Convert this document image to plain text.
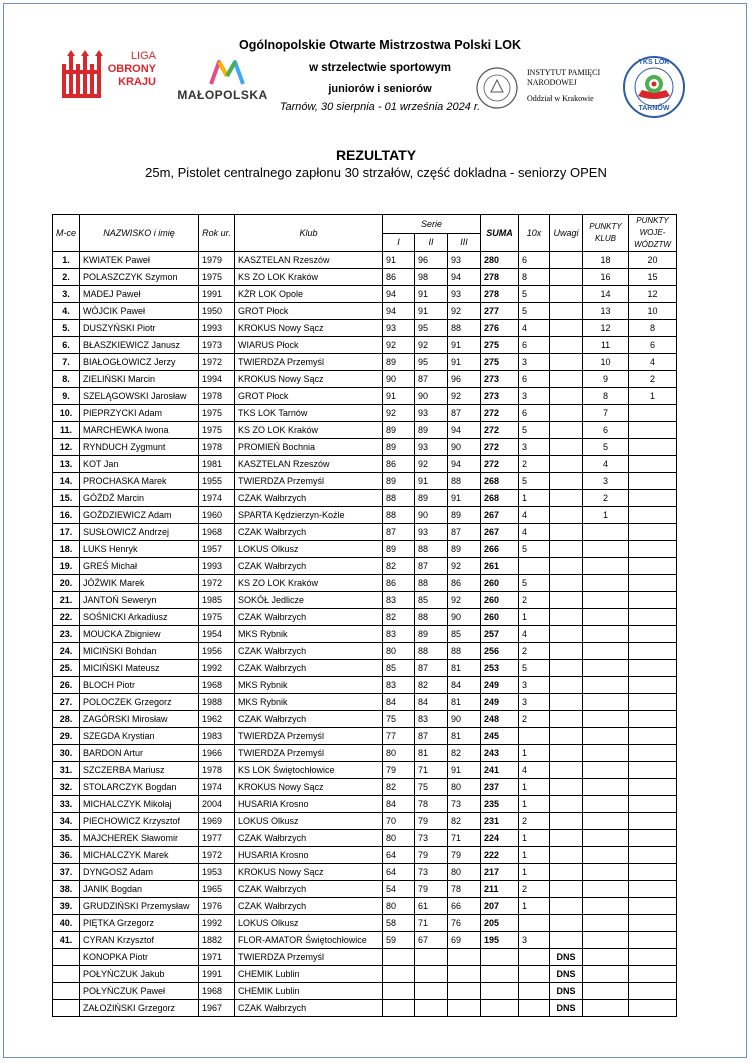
LIGA
OBRONY
KRAJU
MAŁOPOLSKA
Ogólnopolskie Otwarte Mistrzostwa Polski LOK
w strzelectwie sportowym
juniorów i seniorów
Tarnów, 30 sierpnia - 01 września 2024 r.
INSTYTUT PAMIĘCI
NARODOWEJ
Oddział w Krakowie
TKS LOK
TARNÓW
REZULTATY
25m, Pistolet centralnego zapłonu 30 strzałów, część dokladna - seniorzy OPEN
M-ce	NAZWISKO i imię	Rok ur.	Klub	Serie			SUMA	10x	Uwagi	PUNKTY KLUB	PUNKTY WOJE- WÓDZTW
				I	II	III					
1.	KWIATEK Paweł	1979	KASZTELAN Rzeszów	91	96	93	280	6		18	20
2.	POLASZCZYK Szymon	1975	KS ZO LOK Kraków	86	98	94	278	8		16	15
3.	MADEJ Paweł	1991	KŻR LOK Opole	94	91	93	278	5		14	12
4.	WÓJCIK Paweł	1950	GROT Płock	94	91	92	277	5		13	10
5.	DUSZYŃSKI Piotr	1993	KROKUS Nowy Sącz	93	95	88	276	4		12	8
6.	BŁASZKIEWICZ Janusz	1973	WIARUS Płock	92	92	91	275	6		11	6
7.	BIAŁOGŁOWICZ Jerzy	1972	TWIERDZA Przemyśl	89	95	91	275	3		10	4
8.	ZIELIŃSKI Marcin	1994	KROKUS Nowy Sącz	90	87	96	273	6		9	2
9.	SZELĄGOWSKI Jarosław	1978	GROT Płock	91	90	92	273	3		8	1
10.	PIEPRZYCKI Adam	1975	TKS LOK Tarnów	92	93	87	272	6		7	
11.	MARCHEWKA Iwona	1975	KS ZO LOK Kraków	89	89	94	272	5		6	
12.	RYNDUCH Zygmunt	1978	PROMIEŃ Bochnia	89	93	90	272	3		5	
13.	KOT Jan	1981	KASZTELAN Rzeszów	86	92	94	272	2		4	
14.	PROCHASKA Marek	1955	TWIERDZA Przemyśl	89	91	88	268	5		3	
15.	GÓŹDŹ Marcin	1974	CZAK Wałbrzych	88	89	91	268	1		2	
16.	GOŹDZIEWICZ Adam	1960	SPARTA Kędzierzyn-Koźle	88	90	89	267	4		1	
17.	SUSŁOWICZ Andrzej	1968	CZAK Wałbrzych	87	93	87	267	4			
18.	LUKS Henryk	1957	LOKUS Olkusz	89	88	89	266	5			
19.	GREŚ Michał	1993	CZAK Wałbrzych	82	87	92	261				
20.	JÓŹWIK Marek	1972	KS ZO LOK Kraków	86	88	86	260	5			
21.	JANTOŃ Seweryn	1985	SOKÓŁ Jedlicze	83	85	92	260	2			
22.	SOŚNICKI Arkadiusz	1975	CZAK Wałbrzych	82	88	90	260	1			
23.	MOUCKA Zbigniew	1954	MKS Rybnik	83	89	85	257	4			
24.	MICIŃSKI Bohdan	1956	CZAK Wałbrzych	80	88	88	256	2			
25.	MICIŃSKI Mateusz	1992	CZAK Wałbrzych	85	87	81	253	5			
26.	BLOCH Piotr	1968	MKS Rybnik	83	82	84	249	3			
27.	POLOCZEK Grzegorz	1988	MKS Rybnik	84	84	81	249	3			
28.	ZAGÓRSKI Mirosław	1962	CZAK Wałbrzych	75	83	90	248	2			
29.	SZEGDA Krystian	1983	TWIERDZA Przemyśl	77	87	81	245				
30.	BARDON Artur	1966	TWIERDZA Przemyśl	80	81	82	243	1			
31.	SZCZERBA Mariusz	1978	KS LOK Świętochłowice	79	71	91	241	4			
32.	STOLARCZYK Bogdan	1974	KROKUS Nowy Sącz	82	75	80	237	1			
33.	MICHALCZYK Mikołaj	2004	HUSARIA Krosno	84	78	73	235	1			
34.	PIECHOWICZ Krzysztof	1969	LOKUS Olkusz	70	79	82	231	2			
35.	MAJCHEREK Sławomir	1977	CZAK Wałbrzych	80	73	71	224	1			
36.	MICHALCZYK Marek	1972	HUSARIA Krosno	64	79	79	222	1			
37.	DYNGOSZ Adam	1953	KROKUS Nowy Sącz	64	73	80	217	1			
38.	JANIK Bogdan	1965	CZAK Wałbrzych	54	79	78	211	2			
39.	GRUDZIŃSKI Przemysław	1976	CZAK Wałbrzych	80	61	66	207	1			
40.	PIĘTKA Grzegorz	1992	LOKUS Olkusz	58	71	76	205				
41.	CYRAN Krzysztof	1882	FLOR-AMATOR Świętochłowice	59	67	69	195	3			
	KONOPKA Piotr	1971	TWIERDZA Przemyśl						DNS		
	POŁYŃCZUK Jakub	1991	CHEMIK Lublin						DNS		
	POŁYŃCZUK Paweł	1968	CHEMIK Lublin						DNS		
	ZAŁOZIŃSKI Grzegorz	1967	CZAK Wałbrzych						DNS		
